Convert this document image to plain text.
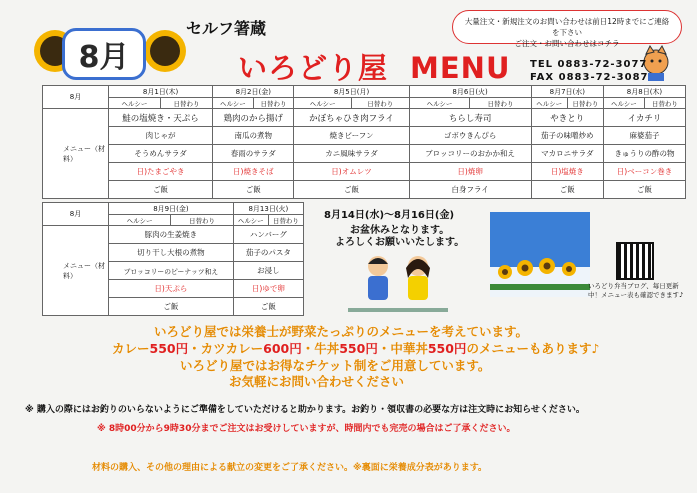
8月
セルフ箸蔵
いろどり屋 MENU
大量注文・新規注文のお問い合わせは前日12時までにご連絡を下さい
ご注文・お問い合わせはコチラ
TEL 0883-72-3077
FAX 0883-72-3087
8月	8月1日(木)		8月2日(金)		8月5日(月)		8月6日(火)		8月7日(水)		8月8日(木)	
	ヘルシー	日替わり	ヘルシー	日替わり	ヘルシー	日替わり	ヘルシー	日替わり	ヘルシー	日替わり	ヘルシー	日替わり
メニュー（材料）	鮭の塩焼き・天ぷら		鶏肉のから揚げ		かぼちゃひき肉フライ		ちらし寿司		やきとり		イカチリ	
	肉じゃが		南瓜の煮物		焼きビーフン		ゴボウきんぴら		茄子の味噌炒め		麻婆茄子	
	そうめんサラダ		春雨のサラダ		カニ風味サラダ		ブロッコリーのおかか和え		マカロニサラダ		きゅうりの酢の物	
	日)たまごやき		日)焼きそば		日)オムレツ		日)焼卵		日)塩焼き		日)ベーコン巻き	
	ご飯		ご飯		ご飯		白身フライ		ご飯		ご飯	
8月	8月9日(金)		8月13日(火)	
	ヘルシー	日替わり	ヘルシー	日替わり
メニュー（材料）	豚肉の生姜焼き		ハンバーグ	
	切り干し大根の煮物		茄子のパスタ	
	ブロッコリーのピーナッツ和え		お浸し	
	日)天ぷら		日)ゆで卵	
	ご飯		ご飯	
8月14日(水)～8月16日(金)
お盆休みとなります。
よろしくお願いいたします。
いろどり弁当ブログ、毎日更新
中！メニュー表も確認できます♪
いろどり屋では栄養士が野菜たっぷりのメニューを考えています。
カレー550円・カツカレー600円・牛丼550円・中華丼550円のメニューもあります♪
いろどり屋ではお得なチケット制をご用意しています。
お気軽にお問い合わせください
※ 購入の際にはお釣りのいらないようにご準備をしていただけると助かります。お釣り・領収書の必要な方は注文時にお知らせください。
※ 8時00分から9時30分までご注文はお受けしていますが、時間内でも完売の場合はご了承ください。
材料の購入、その他の理由による献立の変更をご了承ください。※裏面に栄養成分表があります。
